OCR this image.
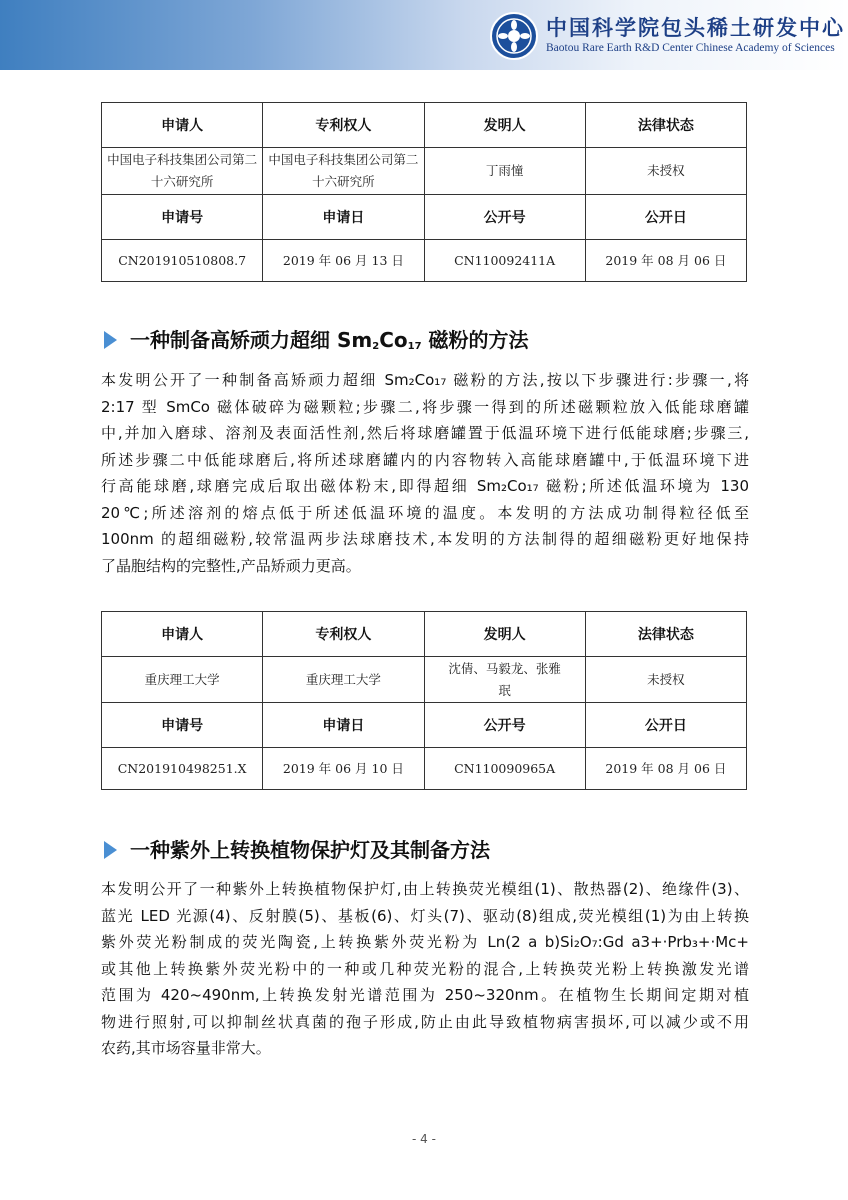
中国科学院包头稀土研发中心
Baotou Rare Earth R&D Center Chinese Academy of Sciences
申请人	专利权人	发明人	法律状态
中国电子科技集团公司第二十六研究所	中国电子科技集团公司第二十六研究所	丁雨憧	未授权
申请号	申请日	公开号	公开日
CN201910510808.7	2019 年 06 月 13 日	CN110092411A	2019 年 08 月 06 日
一种制备高矫顽力超细 $Sm_2Co_{17}$ 磁粉的方法
本发明公开了一种制备高矫顽力超细 Sm₂Co₁₇ 磁粉的方法,按以下步骤进行:步骤一,将
2:17 型 SmCo 磁体破碎为磁颗粒;步骤二,将步骤一得到的所述磁颗粒放入低能球磨罐
中,并加入磨球、溶剂及表面活性剂,然后将球磨罐置于低温环境下进行低能球磨;步骤三,
所述步骤二中低能球磨后,将所述球磨罐内的内容物转入高能球磨罐中,于低温环境下进
行高能球磨,球磨完成后取出磁体粉末,即得超细 Sm₂Co₁₇ 磁粉;所述低温环境为 130
20℃;所述溶剂的熔点低于所述低温环境的温度。本发明的方法成功制得粒径低至
100nm 的超细磁粉,较常温两步法球磨技术,本发明的方法制得的超细磁粉更好地保持
了晶胞结构的完整性,产品矫顽力更高。
申请人	专利权人	发明人	法律状态
重庆理工大学	重庆理工大学	沈倩、马毅龙、张雅珉	未授权
申请号	申请日	公开号	公开日
CN201910498251.X	2019 年 06 月 10 日	CN110090965A	2019 年 08 月 06 日
一种紫外上转换植物保护灯及其制备方法
本发明公开了一种紫外上转换植物保护灯,由上转换荧光模组(1)、散热器(2)、绝缘件(3)、
蓝光 LED 光源(4)、反射膜(5)、基板(6)、灯头(7)、驱动(8)组成,荧光模组(1)为由上转换
紫外荧光粉制成的荧光陶瓷,上转换紫外荧光粉为 Ln(2 a b)Si₂O₇:Gd a3+·Prb₃+·Mc+
或其他上转换紫外荧光粉中的一种或几种荧光粉的混合,上转换荧光粉上转换激发光谱
范围为 420~490nm,上转换发射光谱范围为 250~320nm。在植物生长期间定期对植
物进行照射,可以抑制丝状真菌的孢子形成,防止由此导致植物病害损坏,可以减少或不用
农药,其市场容量非常大。
- 4 -
